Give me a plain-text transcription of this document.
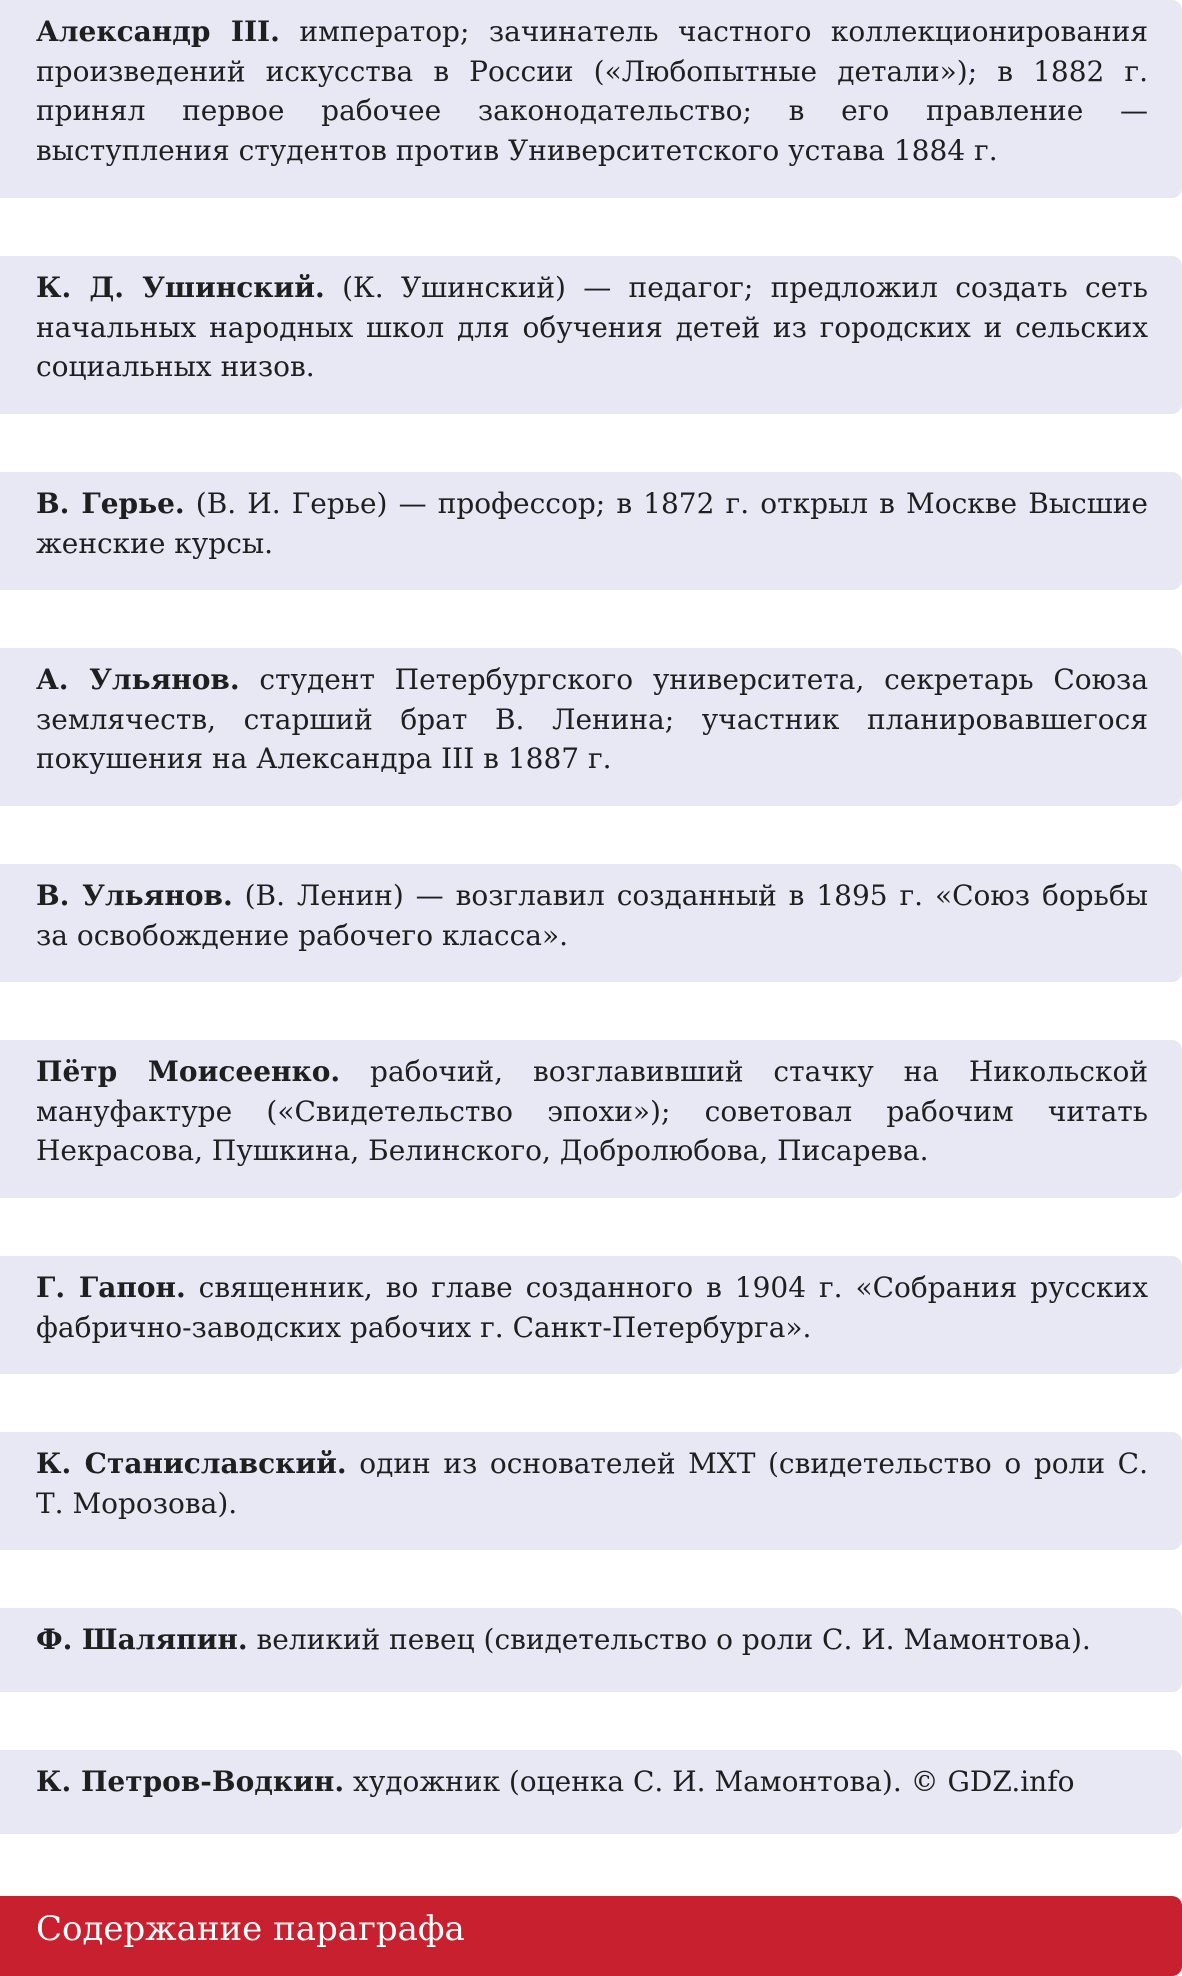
Александр III. император; зачинатель частного коллекционирования произведений искусства в России («Любопытные детали»); в 1882 г. принял первое рабочее законодательство; в его правление — выступления студентов против Университетского устава 1884 г.

К. Д. Ушинский. (К. Ушинский) — педагог; предложил создать сеть начальных народных школ для обучения детей из городских и сельских социальных низов.

В. Герье. (В. И. Герье) — профессор; в 1872 г. открыл в Москве Высшие женские курсы.

А. Ульянов. студент Петербургского университета, секретарь Союза землячеств, старший брат В. Ленина; участник планировавшегося покушения на Александра III в 1887 г.

В. Ульянов. (В. Ленин) — возглавил созданный в 1895 г. «Союз борьбы за освобождение рабочего класса».

Пётр Моисеенко. рабочий, возглавивший стачку на Никольской мануфактуре («Свидетельство эпохи»); советовал рабочим читать Некрасова, Пушкина, Белинского, Добролюбова, Писарева.

Г. Гапон. священник, во главе созданного в 1904 г. «Собрания русских фабрично-заводских рабочих г. Санкт-Петербурга».

К. Станиславский. один из основателей МХТ (свидетельство о роли С. Т. Морозова).

Ф. Шаляпин. великий певец (свидетельство о роли С. И. Мамонтова).

К. Петров-Водкин. художник (оценка С. И. Мамонтова). © GDZ.info

Содержание параграфа
